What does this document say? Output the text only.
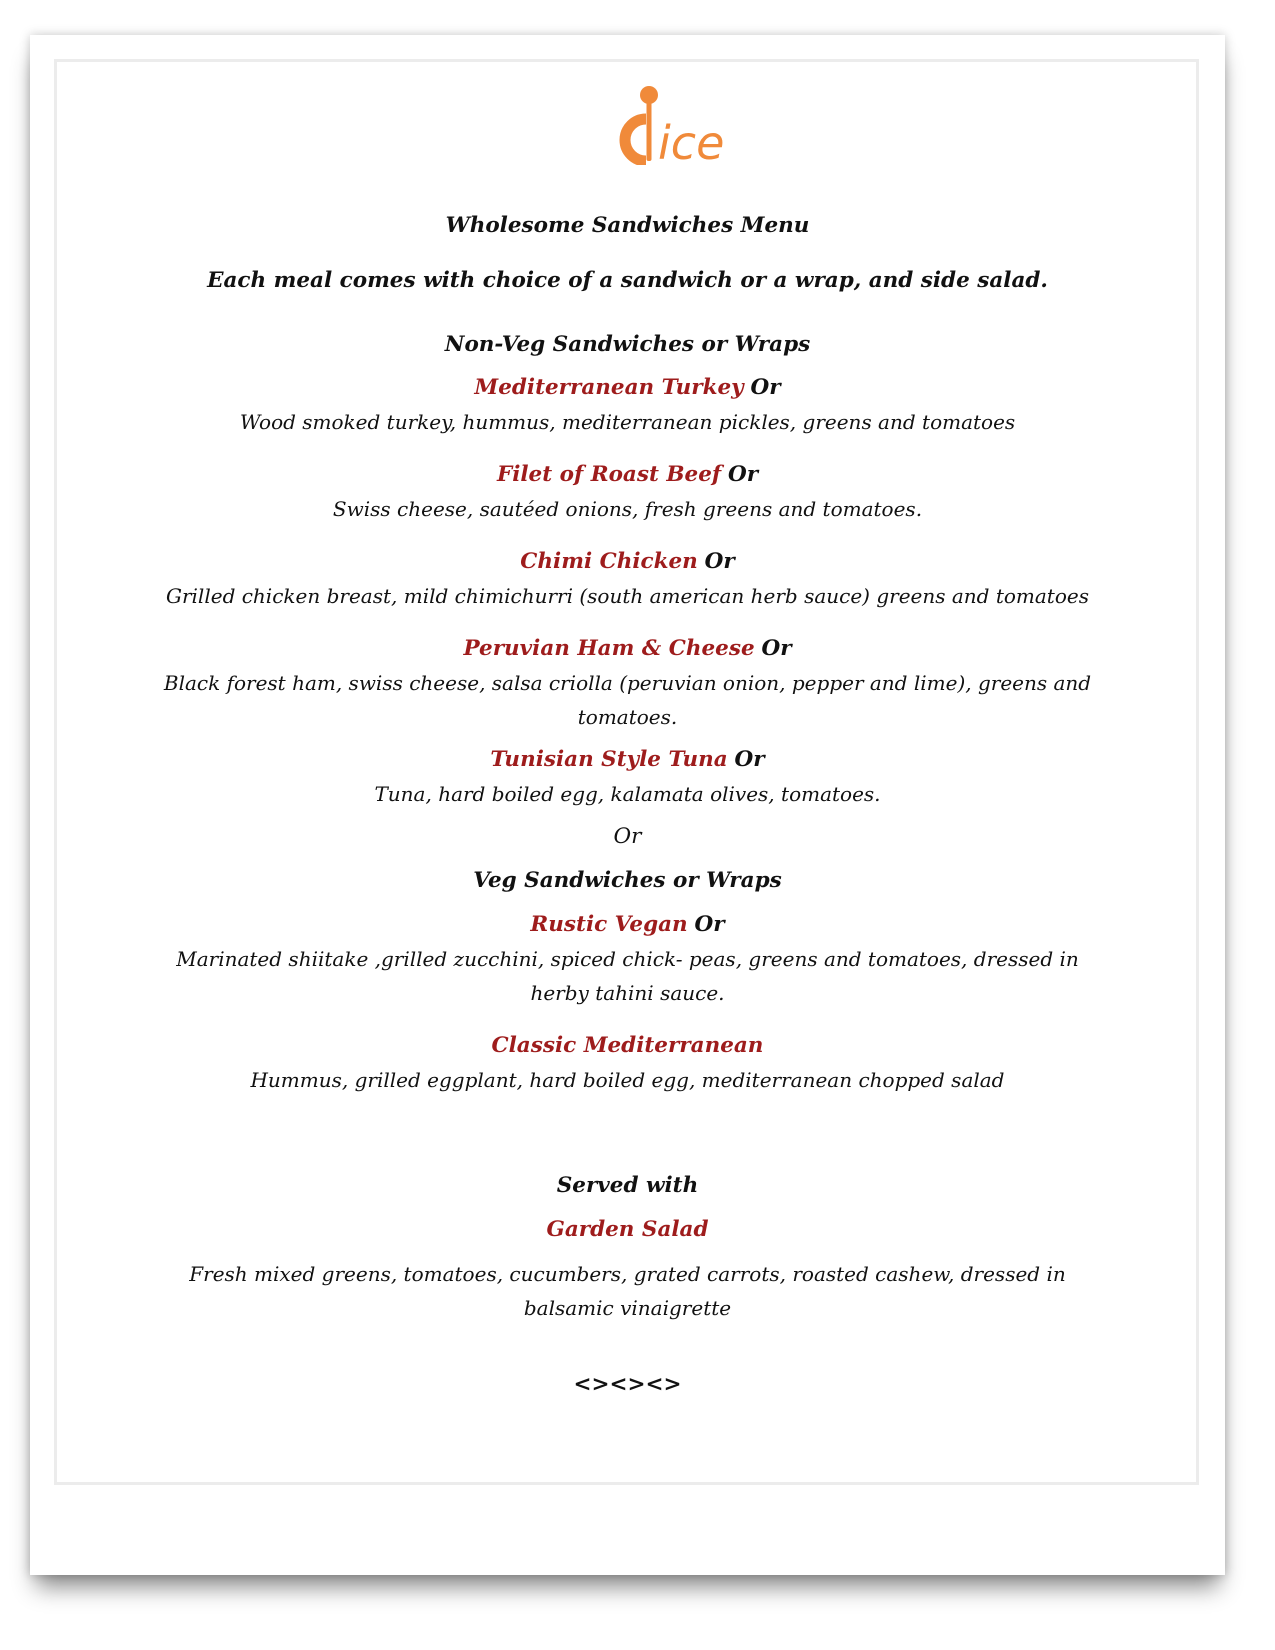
ice
Wholesome Sandwiches Menu
Each meal comes with choice of a sandwich or a wrap, and side salad.
Non-Veg Sandwiches or Wraps
Mediterranean Turkey Or
Wood smoked turkey, hummus, mediterranean pickles, greens and tomatoes
Filet of Roast Beef Or
Swiss cheese, sautéed onions, fresh greens and tomatoes.
Chimi Chicken Or
Grilled chicken breast, mild chimichurri (south american herb sauce) greens and tomatoes
Peruvian Ham & Cheese Or
Black forest ham, swiss cheese, salsa criolla (peruvian onion, pepper and lime), greens and tomatoes.
Tunisian Style Tuna Or
Tuna, hard boiled egg, kalamata olives, tomatoes.
Or
Veg Sandwiches or Wraps
Rustic Vegan Or
Marinated shiitake ,grilled zucchini, spiced chick- peas, greens and tomatoes, dressed in herby tahini sauce.
Classic Mediterranean
Hummus, grilled eggplant, hard boiled egg, mediterranean chopped salad
Served with
Garden Salad
Fresh mixed greens, tomatoes, cucumbers, grated carrots, roasted cashew, dressed in balsamic vinaigrette
<><><>
